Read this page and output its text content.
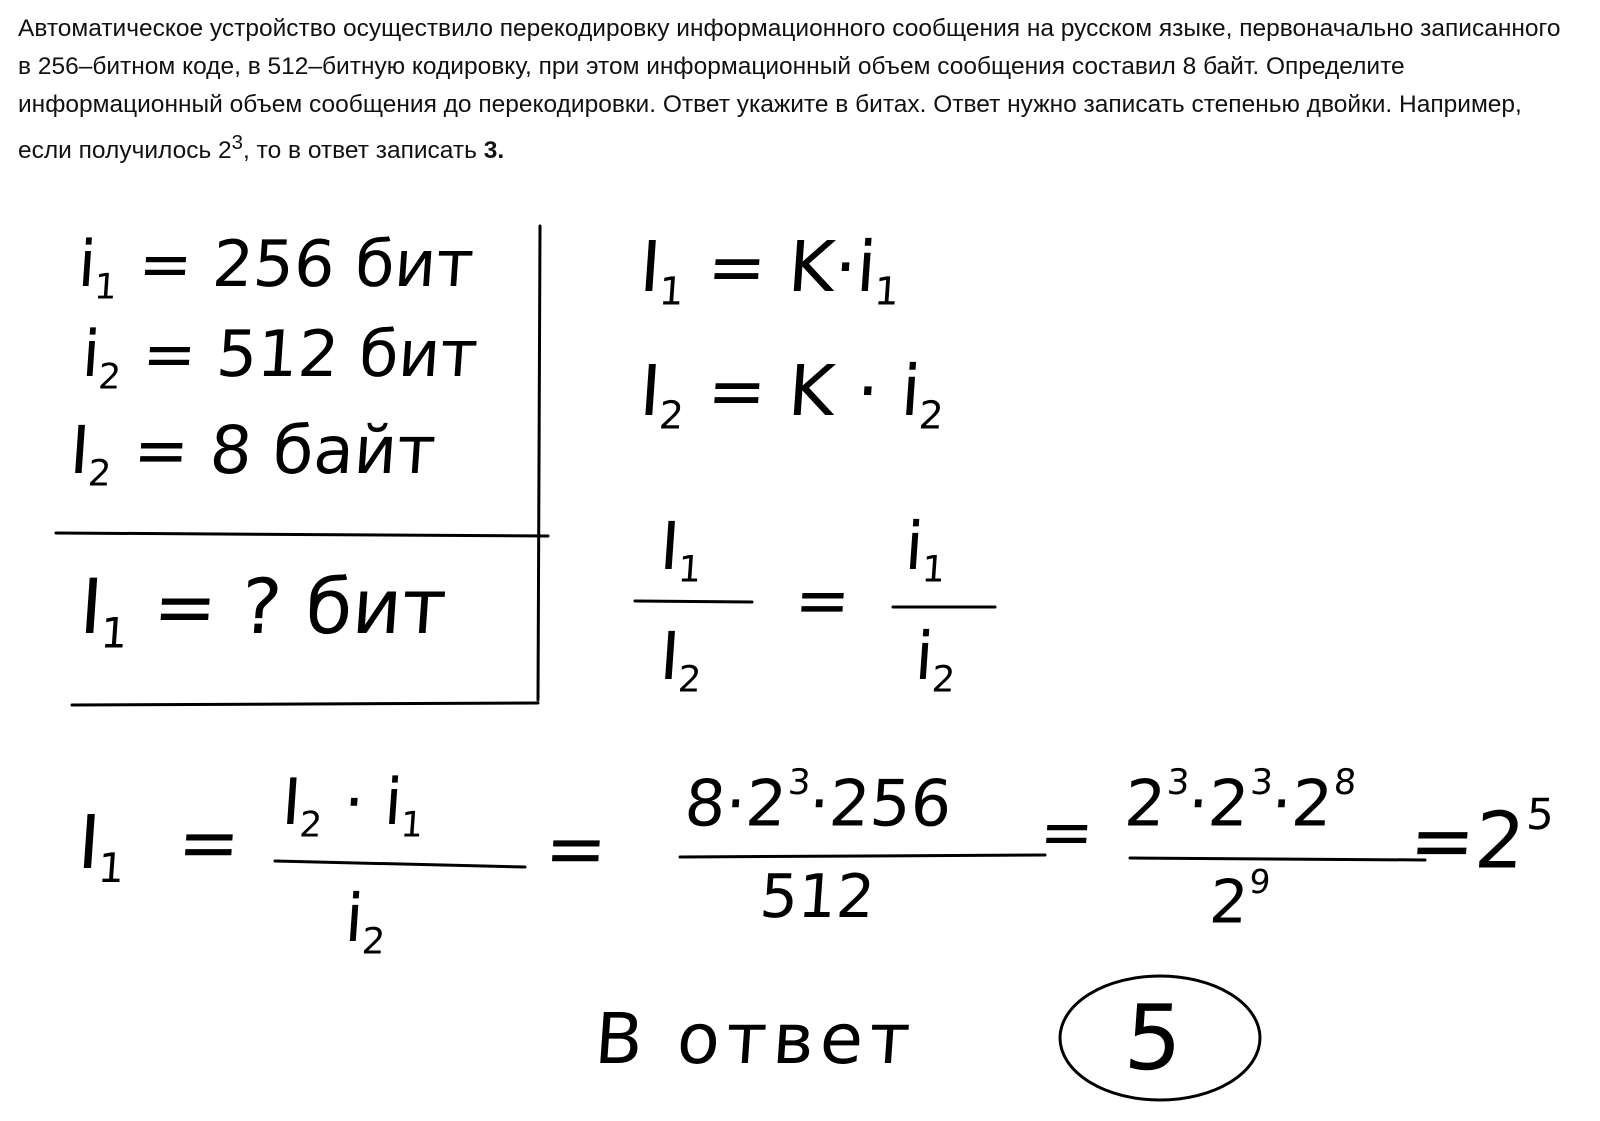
Автоматическое устройство осуществило перекодировку информационного сообщения на русском языке, первоначально записанного в 256–битном коде, в 512–битную кодировку, при этом информационный объем сообщения составил 8 байт. Определите информационный объем сообщения до перекодировки. Ответ укажите в битах. Ответ нужно записать степенью двойки. Например, если получилось $2^3$, то в ответ записать 3.
$i_1 = 256$ бит
$i_2 = 512$ бит
$I_2 = 8$ байт
$I_1$ = ? бит
$I_1 = K\cdot i_1$
$I_2 = K \cdot i_2$
$I_1$
$I_2$
=
$i_1$
$i_2$
$I_1 = I_2 \cdot i_1$
$i_2$
=
$8\cdot 2^3\cdot 256$
512
= $2^3\cdot 2^3\cdot 2^8$
$2^9 =2^5$
В ответ 5
